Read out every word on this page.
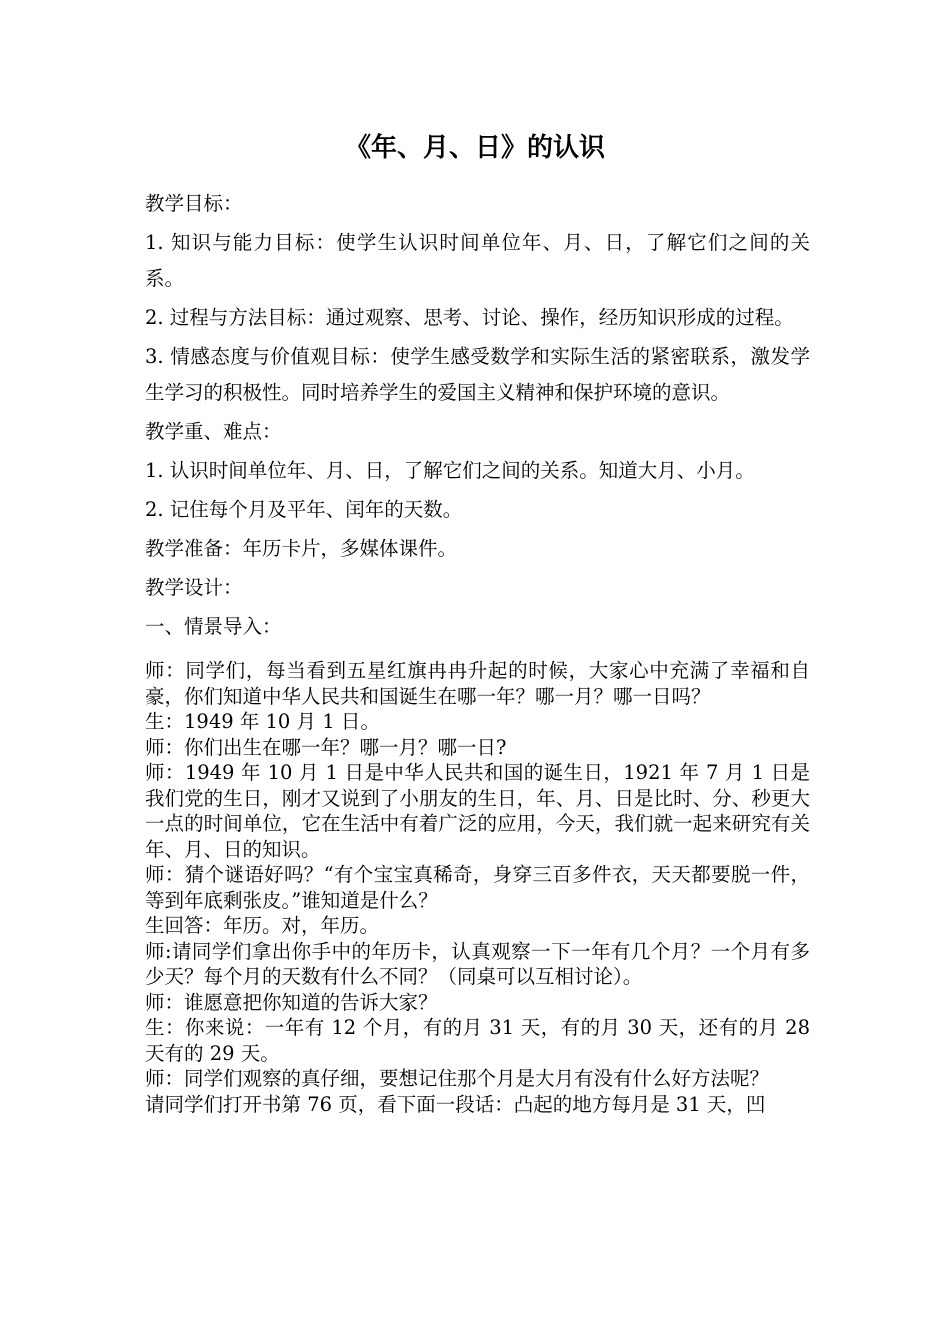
《年、月、日》的认识

教学目标：

1. 知识与能力目标：使学生认识时间单位年、月、日，了解它们之间的关系。

2. 过程与方法目标：通过观察、思考、讨论、操作，经历知识形成的过程。

3. 情感态度与价值观目标：使学生感受数学和实际生活的紧密联系，激发学生学习的积极性。同时培养学生的爱国主义精神和保护环境的意识。

教学重、难点：

1. 认识时间单位年、月、日，了解它们之间的关系。知道大月、小月。

2. 记住每个月及平年、闰年的天数。

教学准备：年历卡片，多媒体课件。

教学设计：

一、情景导入：

师：同学们，每当看到五星红旗冉冉升起的时候，大家心中充满了幸福和自豪，你们知道中华人民共和国诞生在哪一年？哪一月？哪一日吗？

生：1949 年 10 月 1 日。

师：你们出生在哪一年？哪一月？哪一日?

师：1949 年 10 月 1 日是中华人民共和国的诞生日，1921 年 7 月 1 日是我们党的生日，刚才又说到了小朋友的生日，年、月、日是比时、分、秒更大一点的时间单位，它在生活中有着广泛的应用，今天，我们就一起来研究有关年、月、日的知识。

师：猜个谜语好吗？“有个宝宝真稀奇，身穿三百多件衣，天天都要脱一件，等到年底剩张皮。”谁知道是什么？

生回答：年历。对，年历。

师:请同学们拿出你手中的年历卡，认真观察一下一年有几个月？一个月有多少天？每个月的天数有什么不同？（同桌可以互相讨论）。

师：谁愿意把你知道的告诉大家？

生：你来说：一年有 12 个月，有的月 31 天，有的月 30 天，还有的月 28 天有的 29 天。

师：同学们观察的真仔细，要想记住那个月是大月有没有什么好方法呢？

请同学们打开书第 76 页，看下面一段话：凸起的地方每月是 31 天，凹
